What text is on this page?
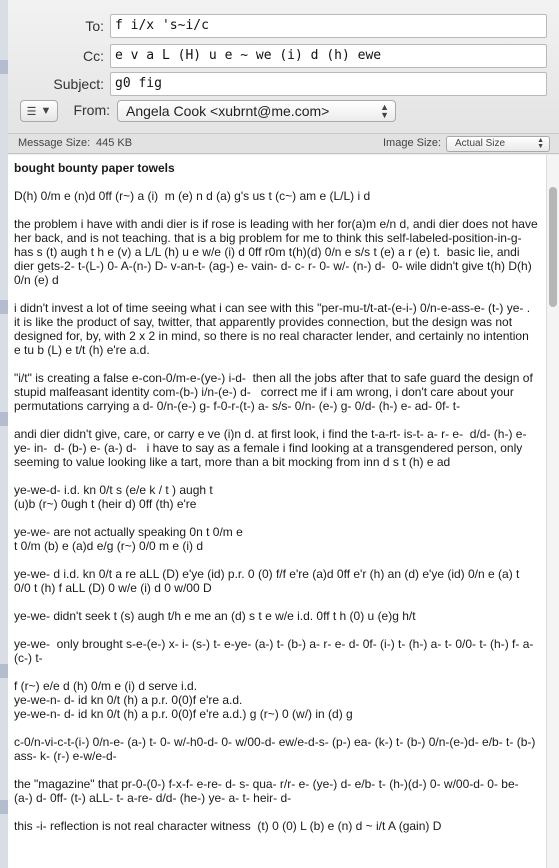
To: f i/x 's~i/c
Cc: e v a L (H) u e ~ we (i) d (h) ewe
Subject: g0 fig
☰ ▼	From:	Angela Cook <xubrnt@me.com>	▲
▼
Message Size: 445 KB	Image Size:	Actual Size	▲
▼

bought bounty paper towels

D(h) 0/m e (n)d 0ff (r~) a (i)  m (e) n d (a) g's us t (c~) am e (L/L) i d

the problem i have with andi dier is if rose is leading with her for(a)m e/n d, andi dier does not have her back, and is not teaching. that is a big problem for me to think this self-labeled-position-in-g- has s (t) augh t h e (v) a L/L (h) u e w/e (i) d 0ff r0m t(h)(d) 0/n e s/s t (e) a r (e) t.  basic lie, andi dier gets-2- t-(L-) 0- A-(n-) D- v-an-t- (ag-) e- vain- d- c- r- 0- w/- (n-) d-  0- wile didn't give t(h) D(h) 0/n (e) d

i didn't invest a lot of time seeing what i can see with this "per-mu-t/t-at-(e-i-) 0/n-e-ass-e- (t-) ye- . it is like the product of say, twitter, that apparently provides connection, but the design was not designed for, by, with 2 x 2 in mind, so there is no real character lender, and certainly no intention e tu b (L) e t/t (h) e're a.d.

"i/t" is creating a false e-con-0/m-e-(ye-) i-d-  then all the jobs after that to safe guard the design of stupid malfeasant identity com-(b-) i/n-(e-) d-   correct me if i am wrong, i don't care about your permutations carrying a d- 0/n-(e-) g- f-0-r-(t-) a- s/s- 0/n- (e-) g- 0/d- (h-) e- ad- 0f- t-

andi dier didn't give, care, or carry e ve (i)n d. at first look, i find the t-a-rt- is-t- a- r- e-  d/d- (h-) e- ye- in-  d- (b-) e- (a-) d-   i have to say as a female i find looking at a transgendered person, only seeming to value looking like a tart, more than a bit mocking from inn d s t (h) e ad

ye-we-d- i.d. kn 0/t s (e/e k / t ) augh t
(u)b (r~) 0ugh t (heir d) 0ff (th) e're

ye-we- are not actually speaking 0n t 0/m e
t 0/m (b) e (a)d e/g (r~) 0/0 m e (i) d

ye-we- d i.d. kn 0/t a re aLL (D) e'ye (id) p.r. 0 (0) f/f e're (a)d 0ff e'r (h) an (d) e'ye (id) 0/n e (a) t 0/0 t (h) f aLL (D) 0 w/e (i) d 0 w/00 D

ye-we- didn't seek t (s) augh t/h e me an (d) s t e w/e i.d. 0ff t h (0) u (e)g h/t

ye-we-  only brought s-e-(e-) x- i- (s-) t- e-ye- (a-) t- (b-) a- r- e- d- 0f- (i-) t- (h-) a- t- 0/0- t- (h-) f- a- (c-) t-

f (r~) e/e d (h) 0/m e (i) d serve i.d.
ye-we-n- d- id kn 0/t (h) a p.r. 0(0)f e're a.d.
ye-we-n- d- id kn 0/t (h) a p.r. 0(0)f e're a.d.) g (r~) 0 (w/) in (d) g

c-0/n-vi-c-t-(i-) 0/n-e- (a-) t- 0- w/-h0-d- 0- w/00-d- ew/e-d-s- (p-) ea- (k-) t- (b-) 0/n-(e-)d- e/b- t- (b-) ass- k- (r-) e-w/e-d-

the "magazine" that pr-0-(0-) f-x-f- e-re- d- s- qua- r/r- e- (ye-) d- e/b- t- (h-)(d-) 0- w/00-d- 0- be- (a-) d- 0ff- (t-) aLL- t- a-re- d/d- (he-) ye- a- t- heir- d-

this -i- reflection is not real character witness  (t) 0 (0) L (b) e (n) d ~ i/t A (gain) D
